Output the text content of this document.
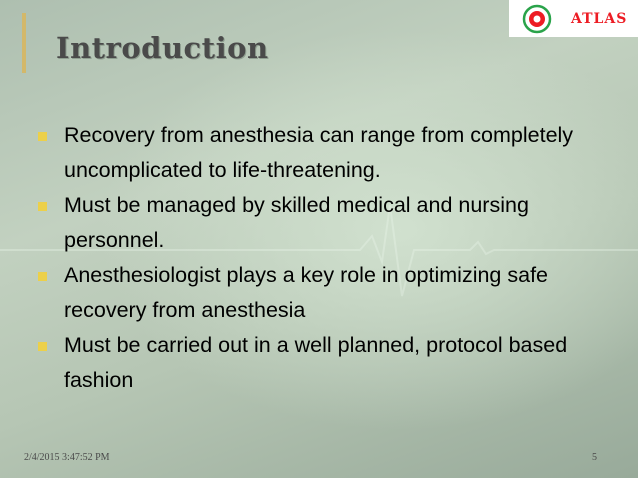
Introduction
ATLAS
Recovery from anesthesia can range from completely uncomplicated to life-threatening.
Must be managed by skilled medical and nursing personnel.
Anesthesiologist plays a key role in optimizing safe recovery from anesthesia
Must be carried out in a well planned, protocol based fashion
2/4/2015 3:47:52 PM	5
